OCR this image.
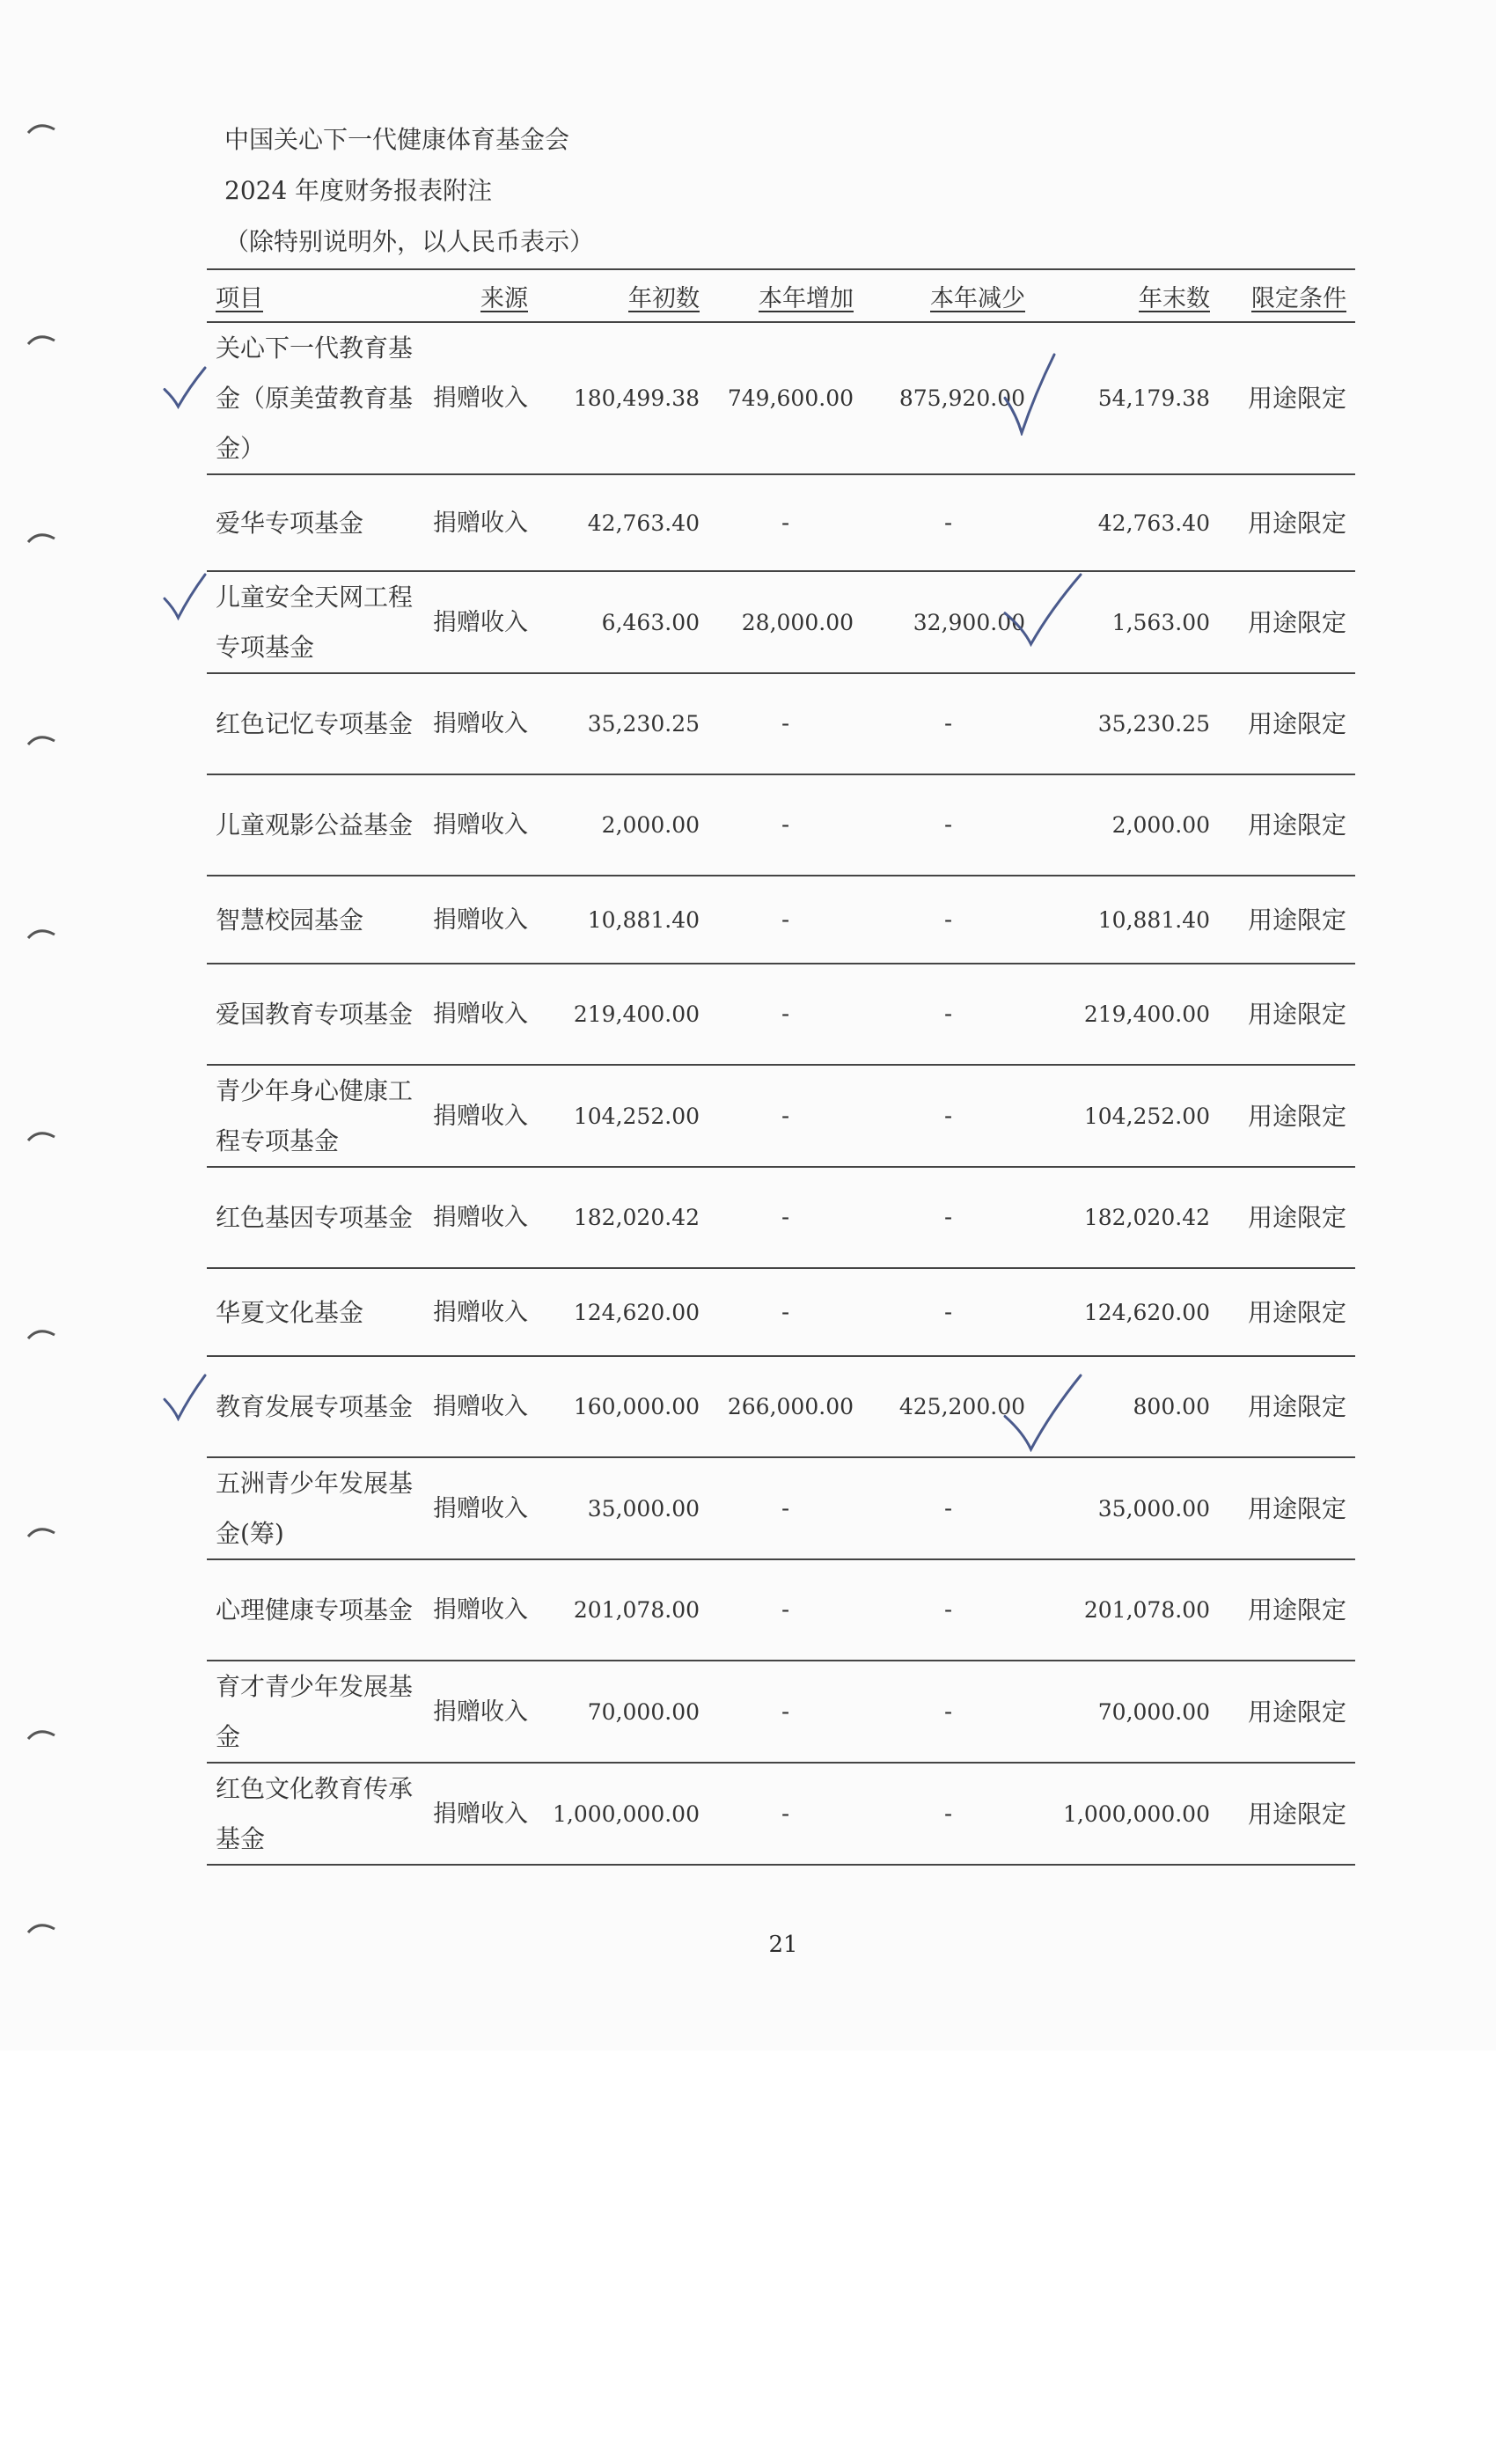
中国关心下一代健康体育基金会
2024 年度财务报表附注
（除特别说明外，以人民币表示）
项目	来源	年初数	本年增加	本年减少	年末数	限定条件
关心下一代教育基金（原美萤教育基金）	捐赠收入	180,499.38	749,600.00	875,920.00	54,179.38	用途限定
爱华专项基金	捐赠收入	42,763.40	-	-	42,763.40	用途限定
儿童安全天网工程专项基金	捐赠收入	6,463.00	28,000.00	32,900.00	1,563.00	用途限定
红色记忆专项基金	捐赠收入	35,230.25	-	-	35,230.25	用途限定
儿童观影公益基金	捐赠收入	2,000.00	-	-	2,000.00	用途限定
智慧校园基金	捐赠收入	10,881.40	-	-	10,881.40	用途限定
爱国教育专项基金	捐赠收入	219,400.00	-	-	219,400.00	用途限定
青少年身心健康工程专项基金	捐赠收入	104,252.00	-	-	104,252.00	用途限定
红色基因专项基金	捐赠收入	182,020.42	-	-	182,020.42	用途限定
华夏文化基金	捐赠收入	124,620.00	-	-	124,620.00	用途限定
教育发展专项基金	捐赠收入	160,000.00	266,000.00	425,200.00	800.00	用途限定
五洲青少年发展基金(筹)	捐赠收入	35,000.00	-	-	35,000.00	用途限定
心理健康专项基金	捐赠收入	201,078.00	-	-	201,078.00	用途限定
育才青少年发展基金	捐赠收入	70,000.00	-	-	70,000.00	用途限定
红色文化教育传承基金	捐赠收入	1,000,000.00	-	-	1,000,000.00	用途限定
21
